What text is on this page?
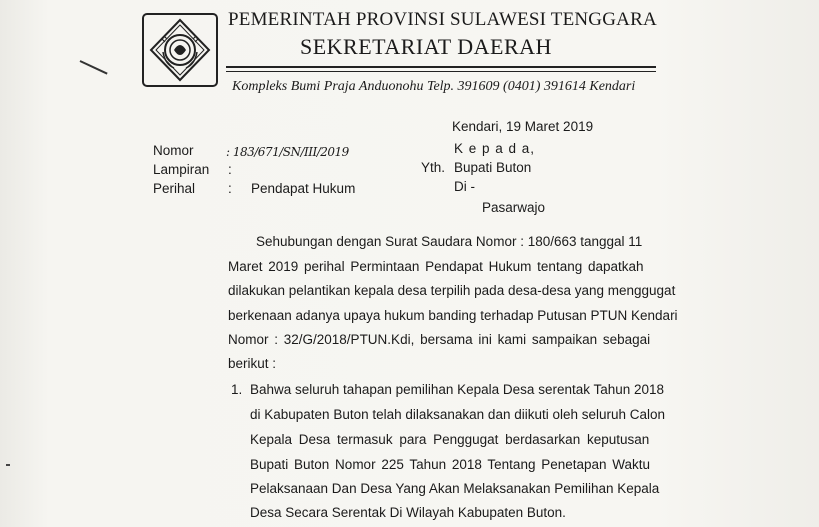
PEMERINTAH PROVINSI SULAWESI TENGGARA
SEKRETARIAT DAERAH
Kompleks Bumi Praja Anduonohu Telp. 391609 (0401) 391614 Kendari
Kendari, 19 Maret 2019
Nomor	: 183/671/SN/III/2019
Lampiran :
Perihal : Pendapat Hukum
K e p a d a,
Yth. Bupati Buton
Di -
Pasarwajo
Sehubungan dengan Surat Saudara Nomor : 180/663 tanggal 11
Maret 2019 perihal Permintaan Pendapat Hukum tentang dapatkah
dilakukan pelantikan kepala desa terpilih pada desa-desa yang menggugat
berkenaan adanya upaya hukum banding terhadap Putusan PTUN Kendari
Nomor : 32/G/2018/PTUN.Kdi, bersama ini kami sampaikan sebagai
berikut :
1. Bahwa seluruh tahapan pemilihan Kepala Desa serentak Tahun 2018
di Kabupaten Buton telah dilaksanakan dan diikuti oleh seluruh Calon
Kepala Desa termasuk para Penggugat berdasarkan keputusan
Bupati Buton Nomor 225 Tahun 2018 Tentang Penetapan Waktu
Pelaksanaan Dan Desa Yang Akan Melaksanakan Pemilihan Kepala
Desa Secara Serentak Di Wilayah Kabupaten Buton.
